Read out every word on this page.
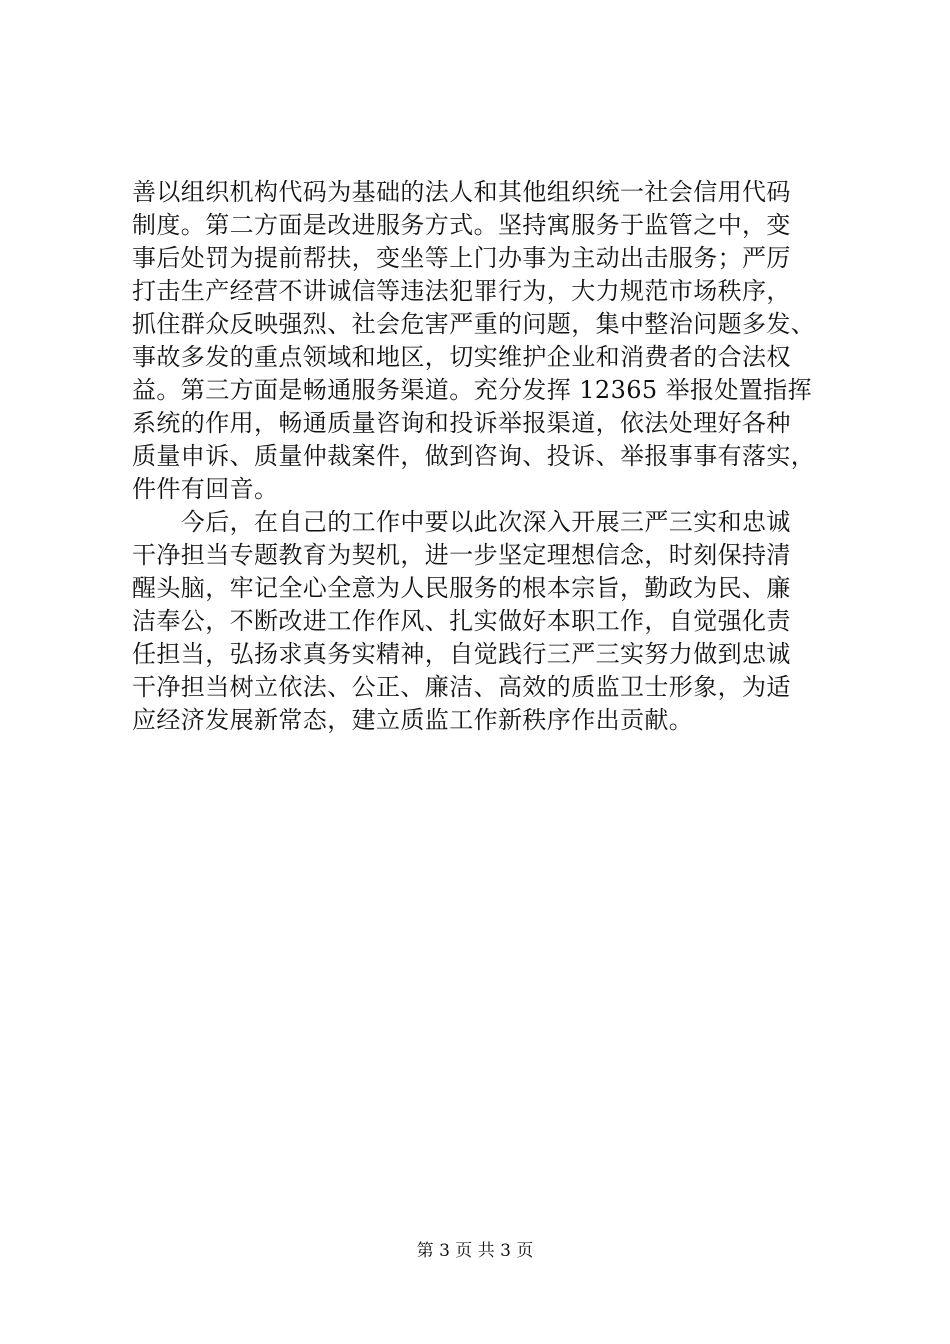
善以组织机构代码为基础的法人和其他组织统一社会信用代码
制度。第二方面是改进服务方式。坚持寓服务于监管之中，变
事后处罚为提前帮扶，变坐等上门办事为主动出击服务；严厉
打击生产经营不讲诚信等违法犯罪行为，大力规范市场秩序，
抓住群众反映强烈、社会危害严重的问题，集中整治问题多发、
事故多发的重点领域和地区，切实维护企业和消费者的合法权
益。第三方面是畅通服务渠道。充分发挥 12365 举报处置指挥
系统的作用，畅通质量咨询和投诉举报渠道，依法处理好各种
质量申诉、质量仲裁案件，做到咨询、投诉、举报事事有落实，
件件有回音。
　　今后，在自己的工作中要以此次深入开展三严三实和忠诚
干净担当专题教育为契机，进一步坚定理想信念，时刻保持清
醒头脑，牢记全心全意为人民服务的根本宗旨，勤政为民、廉
洁奉公，不断改进工作作风、扎实做好本职工作，自觉强化责
任担当，弘扬求真务实精神，自觉践行三严三实努力做到忠诚
干净担当树立依法、公正、廉洁、高效的质监卫士形象，为适
应经济发展新常态，建立质监工作新秩序作出贡献。
第 3 页 共 3 页
